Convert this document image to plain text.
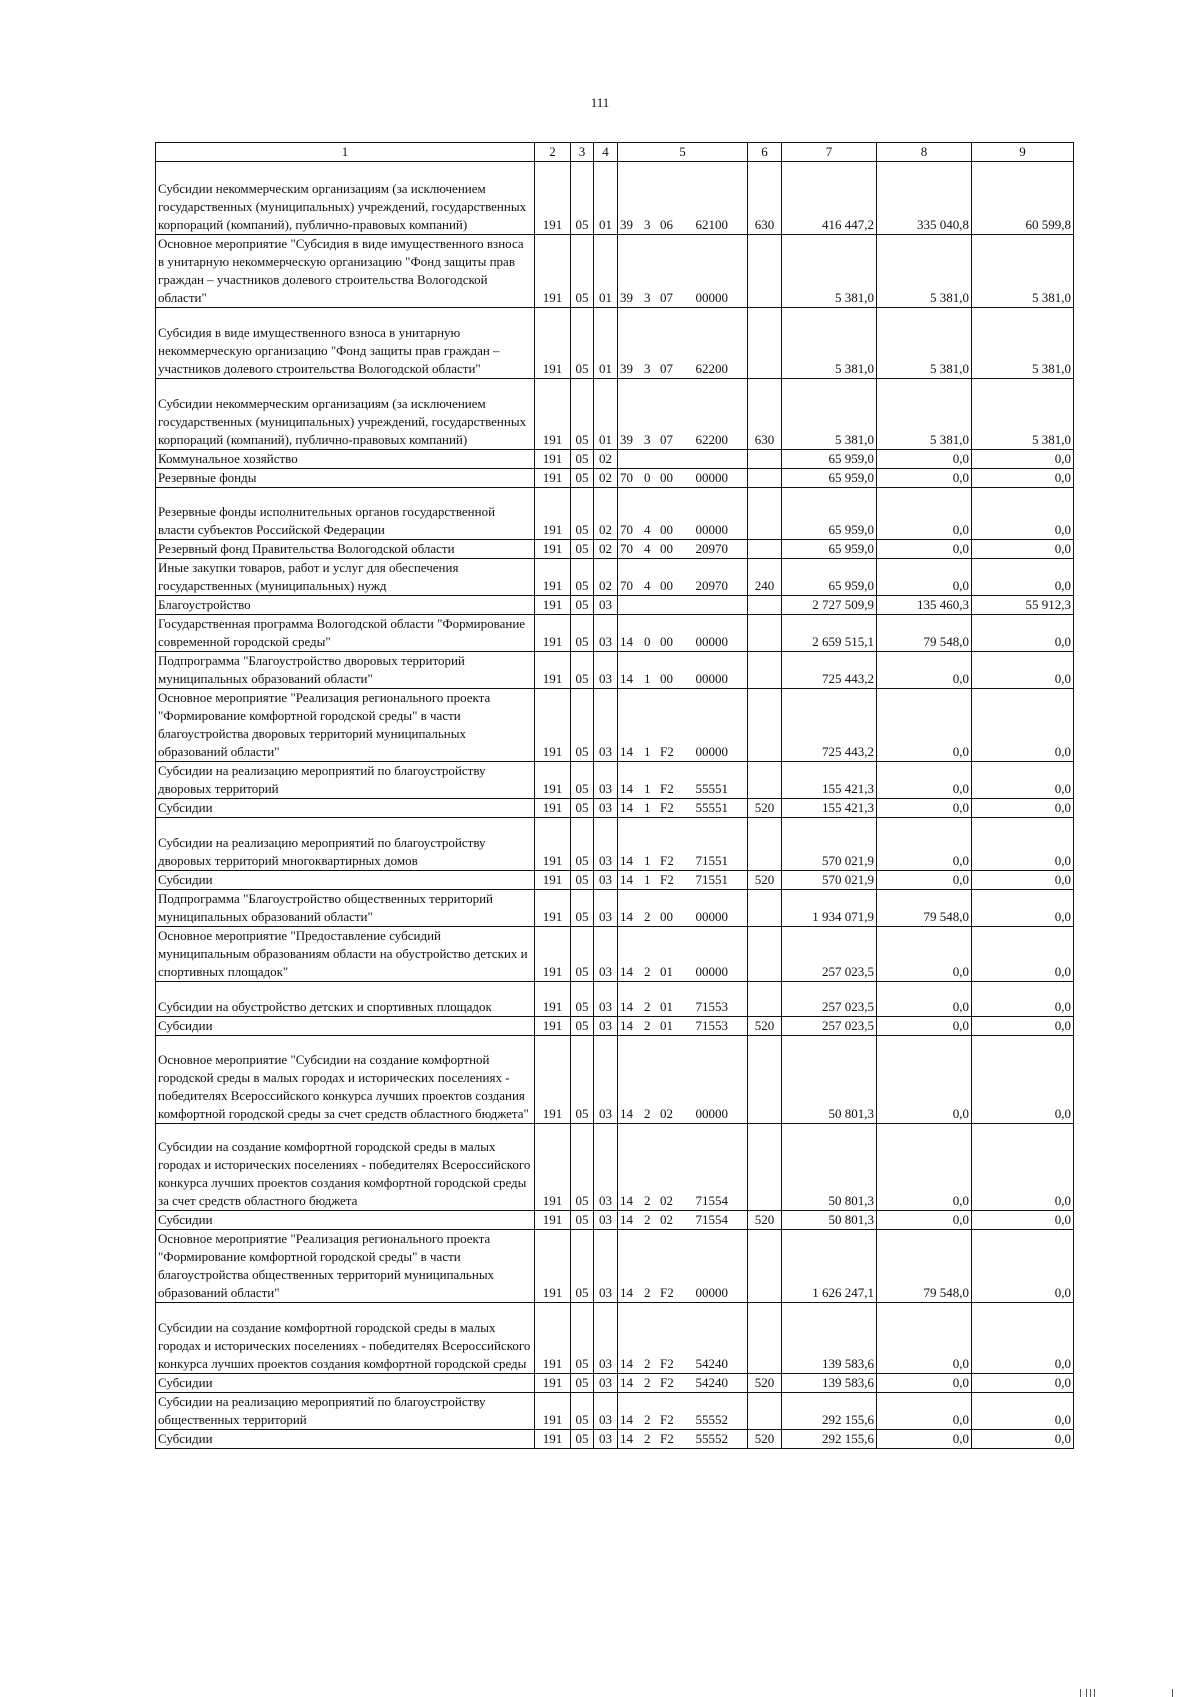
111
1	2	3	4	5	6	7	8	9
Субсидии некоммерческим организациям (за исключением государственных (муниципальных) учреждений, государственных корпораций (компаний), публично-правовых компаний)	191	05	01	39 3 06 62100	630	416 447,2	335 040,8	60 599,8
Основное мероприятие "Субсидия в виде имущественного взноса в унитарную некоммерческую организацию "Фонд защиты прав граждан – участников долевого строительства Вологодской области"	191	05	01	39 3 07 00000		5 381,0	5 381,0	5 381,0
Субсидия в виде имущественного взноса в унитарную некоммерческую организацию "Фонд защиты прав граждан – участников долевого строительства Вологодской области"	191	05	01	39 3 07 62200		5 381,0	5 381,0	5 381,0
Субсидии некоммерческим организациям (за исключением государственных (муниципальных) учреждений, государственных корпораций (компаний), публично-правовых компаний)	191	05	01	39 3 07 62200	630	5 381,0	5 381,0	5 381,0
Коммунальное хозяйство	191	05	02			65 959,0	0,0	0,0
Резервные фонды	191	05	02	70 0 00 00000		65 959,0	0,0	0,0
Резервные фонды исполнительных органов государственной власти субъектов Российской Федерации	191	05	02	70 4 00 00000		65 959,0	0,0	0,0
Резервный фонд Правительства Вологодской области	191	05	02	70 4 00 20970		65 959,0	0,0	0,0
Иные закупки товаров, работ и услуг для обеспечения государственных (муниципальных) нужд	191	05	02	70 4 00 20970	240	65 959,0	0,0	0,0
Благоустройство	191	05	03			2 727 509,9	135 460,3	55 912,3
Государственная программа Вологодской области "Формирование современной городской среды"	191	05	03	14 0 00 00000		2 659 515,1	79 548,0	0,0
Подпрограмма "Благоустройство дворовых территорий муниципальных образований области"	191	05	03	14 1 00 00000		725 443,2	0,0	0,0
Основное мероприятие "Реализация регионального проекта "Формирование комфортной городской среды" в части благоустройства дворовых территорий муниципальных образований области"	191	05	03	14 1 F2 00000		725 443,2	0,0	0,0
Субсидии на реализацию мероприятий по благоустройству дворовых территорий	191	05	03	14 1 F2 55551		155 421,3	0,0	0,0
Субсидии	191	05	03	14 1 F2 55551	520	155 421,3	0,0	0,0
Субсидии на реализацию мероприятий по благоустройству дворовых территорий многоквартирных домов	191	05	03	14 1 F2 71551		570 021,9	0,0	0,0
Субсидии	191	05	03	14 1 F2 71551	520	570 021,9	0,0	0,0
Подпрограмма "Благоустройство общественных территорий муниципальных образований области"	191	05	03	14 2 00 00000		1 934 071,9	79 548,0	0,0
Основное мероприятие "Предоставление субсидий муниципальным образованиям области на обустройство детских и спортивных площадок"	191	05	03	14 2 01 00000		257 023,5	0,0	0,0
Субсидии на обустройство детских и спортивных площадок	191	05	03	14 2 01 71553		257 023,5	0,0	0,0
Субсидии	191	05	03	14 2 01 71553	520	257 023,5	0,0	0,0
Основное мероприятие "Субсидии на создание комфортной городской среды в малых городах и исторических поселениях - победителях Всероссийского конкурса лучших проектов создания комфортной городской среды за счет средств областного бюджета"	191	05	03	14 2 02 00000		50 801,3	0,0	0,0
Субсидии на создание комфортной городской среды в малых городах и исторических поселениях - победителях Всероссийского конкурса лучших проектов создания комфортной городской среды за счет средств областного бюджета	191	05	03	14 2 02 71554		50 801,3	0,0	0,0
Субсидии	191	05	03	14 2 02 71554	520	50 801,3	0,0	0,0
Основное мероприятие "Реализация регионального проекта "Формирование комфортной городской среды" в части благоустройства общественных территорий муниципальных образований области"	191	05	03	14 2 F2 00000		1 626 247,1	79 548,0	0,0
Субсидии на создание комфортной городской среды в малых городах и исторических поселениях - победителях Всероссийского конкурса лучших проектов создания комфортной городской среды	191	05	03	14 2 F2 54240		139 583,6	0,0	0,0
Субсидии	191	05	03	14 2 F2 54240	520	139 583,6	0,0	0,0
Субсидии на реализацию мероприятий по благоустройству общественных территорий	191	05	03	14 2 F2 55552		292 155,6	0,0	0,0
Субсидии	191	05	03	14 2 F2 55552	520	292 155,6	0,0	0,0
